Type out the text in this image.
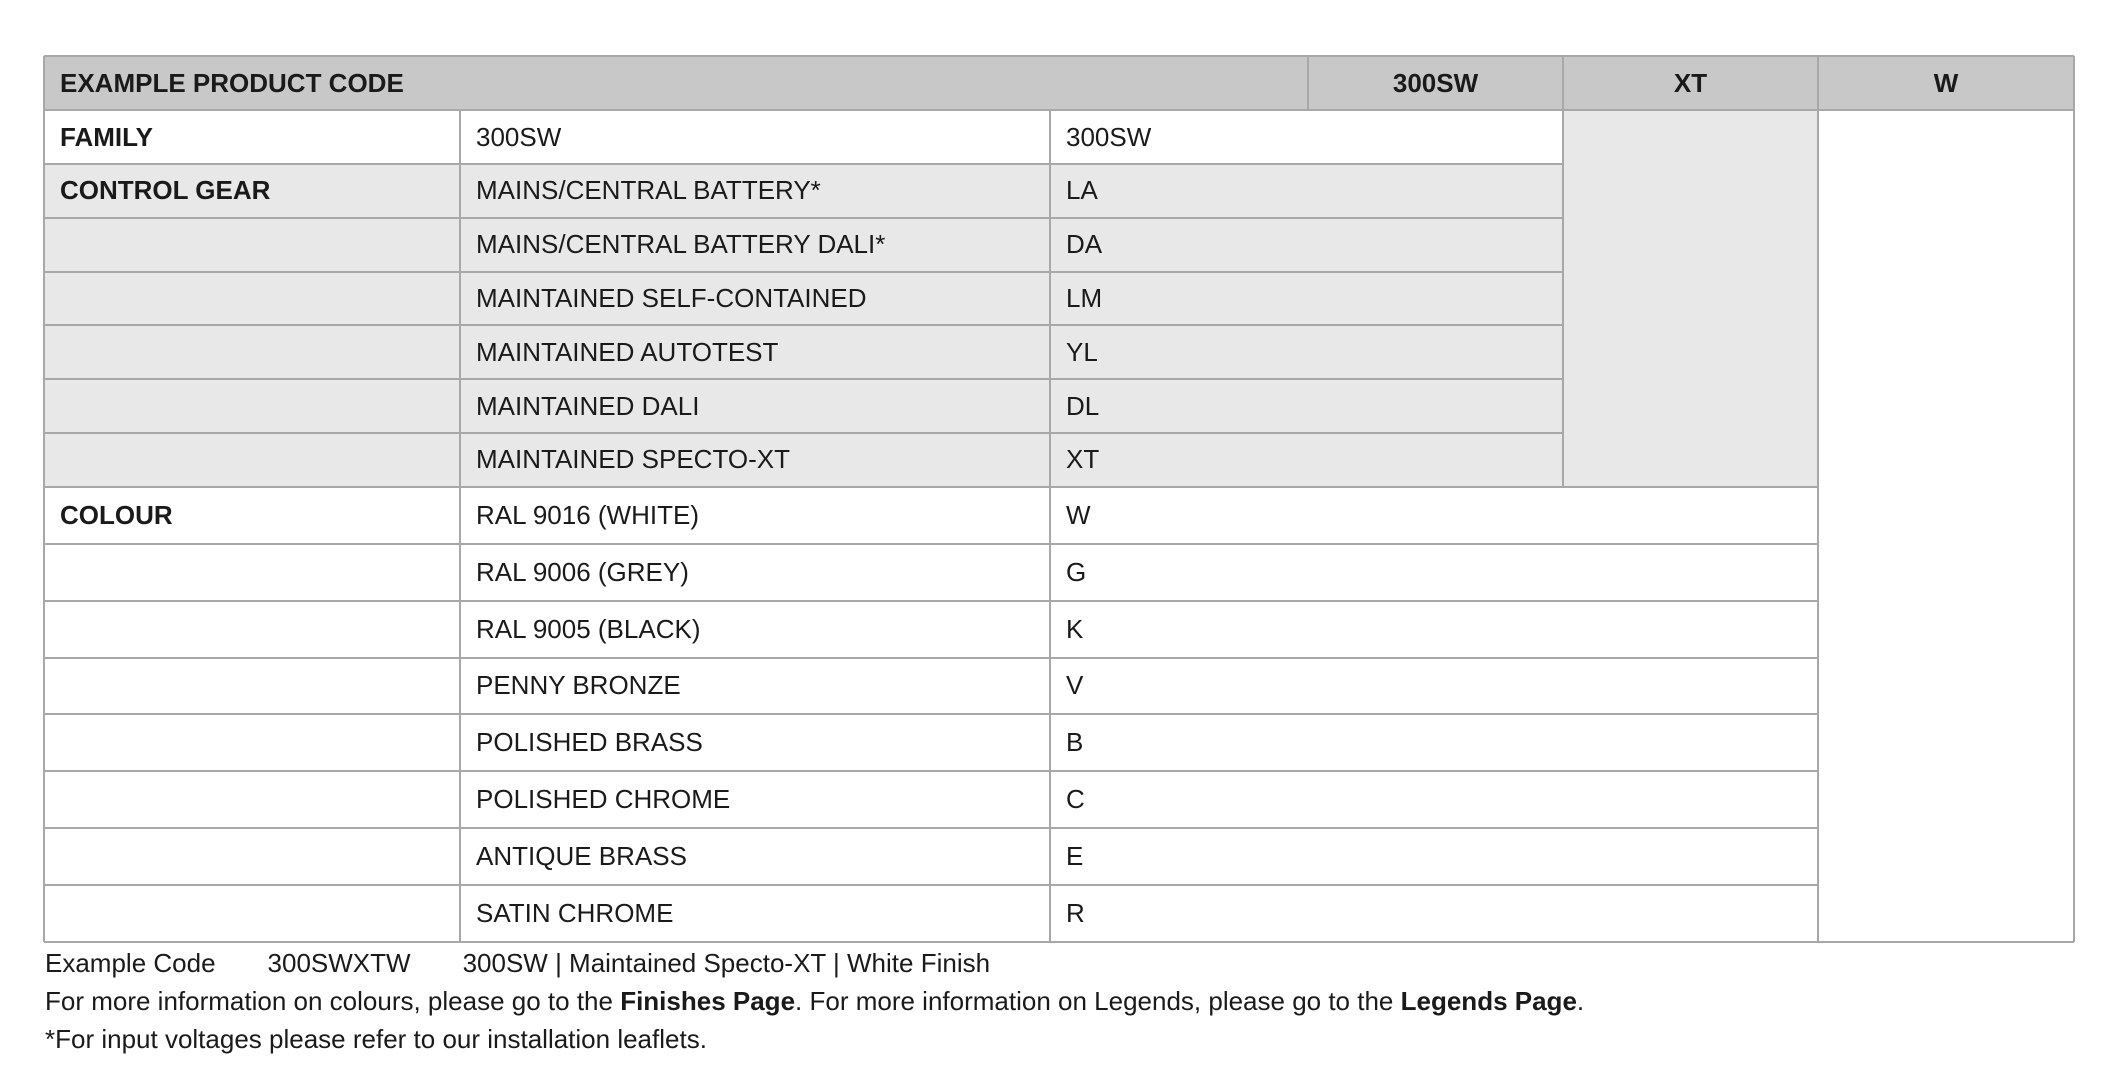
EXAMPLE PRODUCT CODE	300SW	XT	W
FAMILY	300SW	300SW
CONTROL GEAR	MAINS/CENTRAL BATTERY*	LA
MAINS/CENTRAL BATTERY DALI*	DA
MAINTAINED SELF-CONTAINED	LM
MAINTAINED AUTOTEST	YL
MAINTAINED DALI	DL
MAINTAINED SPECTO-XT	XT
COLOUR	RAL 9016 (WHITE)	W
RAL 9006 (GREY)	G
RAL 9005 (BLACK)	K
PENNY BRONZE	V
POLISHED BRASS	B
POLISHED CHROME	C
ANTIQUE BRASS	E
SATIN CHROME	R
Example Code 300SWXTW 300SW | Maintained Specto-XT | White Finish
For more information on colours, please go to the Finishes Page. For more information on Legends, please go to the Legends Page.
*For input voltages please refer to our installation leaflets.
